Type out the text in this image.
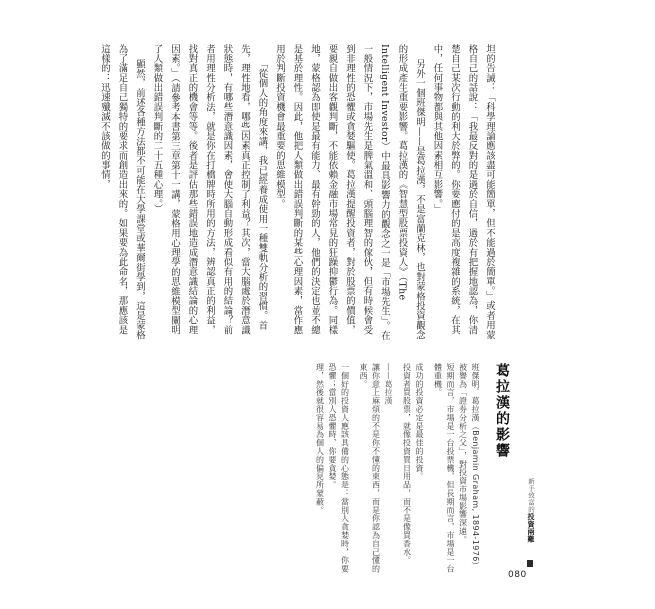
新手致富的投資兩難
080
葛拉漢的影響

班傑明．葛拉漢（Benjamin Graham, 1894-1976）被譽為「證券分析之父」，對投資市場影響深遠。

短期而言，市場是一台投票機，但長期而言，市場是一台體重機。

成功的投資必定是最佳的投資。

投資者買股票，就像投資買日用品，而不是像買香水。

——葛拉漢

讓你意上麻煩的不是你不懂的東西，而是你認為自己懂的東西。

一個好的投資人應該具備的心態是：當別人貪婪時，你要恐懼；當別人恐懼時，你要貪婪。

理，然後就很容易為個人的偏見所蒙蔽。

坦的告誡：「科學理論應該盡可能簡單，但不能過於簡單。」或者用蒙格自己的話說：「我最反對的是過於自信，過於有把握地認為，你清楚自己某次行動的利大於弊的。你要應付的是高度複雜的系統，在其中，任何事物都與其他因素相互影響。」

另外一個班傑明——是葛拉漢，不是富蘭克林，也對蒙格投資觀念的形成產生重要影響。葛拉漢的《智慧型股票投資人》（The Intelligent Investor）中最具影響力的觀念之一是「市場先生」。在一般情況下，市場先生是脾氣溫和、頭腦理智的傢伙，但有時候會受到非理性的恐懼或貪婪驅使。葛拉漢提醒投資者，對於股票的價值，要親自做出客觀判斷，不能依賴金融市場常見的狂躁抑鬱行為。同樣地，蒙格認為即使是最有能力、最有幹勁的人，他們的決定也並不總是基於理性。因此，他把人類做出錯誤判斷的某些心理因素，當作應用於判斷投資機會最重要的思維模型。

「從個人的角度來講，我已經養成使用一種雙軌分析的習慣。首先，理性地看，哪些因素真正控制了利益？其次，當大腦處於潛意識狀態時，有哪些潛意識因素，會使大腦自動形成看似有用的結論？前者用理性分析法，就是你在打橋牌時所用的方法，辨認真正的利益，找對真正的機會等等。後者是評估那些錯誤地造成潛意識結論的心理因素。」（請參考本書第三章第十一講，蒙格用心理學的思維模型闡明了人類做出錯誤判斷的二十五種心理。）

顯然，前述各種方法都不可能在大學課堂或華爾街學到，這是蒙格為了滿足自己獨特的要求而創造出來的。如果要為此命名，那應該是這樣的：迅速殲滅不該做的事情，
